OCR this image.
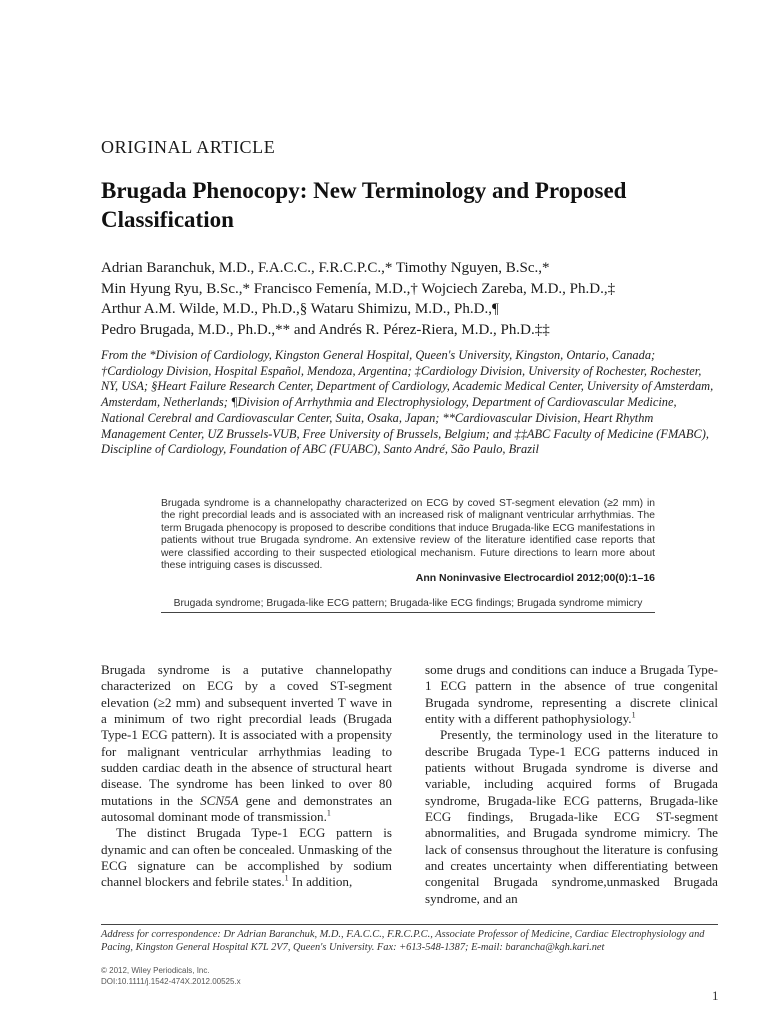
ORIGINAL ARTICLE
Brugada Phenocopy: New Terminology and Proposed Classification
Adrian Baranchuk, M.D., F.A.C.C., F.R.C.P.C.,* Timothy Nguyen, B.Sc.,*
Min Hyung Ryu, B.Sc.,* Francisco Femenía, M.D.,† Wojciech Zareba, M.D., Ph.D.,‡
Arthur A.M. Wilde, M.D., Ph.D.,§ Wataru Shimizu, M.D., Ph.D.,¶
Pedro Brugada, M.D., Ph.D.,** and Andrés R. Pérez-Riera, M.D., Ph.D.‡‡
From the *Division of Cardiology, Kingston General Hospital, Queen's University, Kingston, Ontario, Canada; †Cardiology Division, Hospital Español, Mendoza, Argentina; ‡Cardiology Division, University of Rochester, Rochester, NY, USA; §Heart Failure Research Center, Department of Cardiology, Academic Medical Center, University of Amsterdam, Amsterdam, Netherlands; ¶Division of Arrhythmia and Electrophysiology, Department of Cardiovascular Medicine, National Cerebral and Cardiovascular Center, Suita, Osaka, Japan; **Cardiovascular Division, Heart Rhythm Management Center, UZ Brussels-VUB, Free University of Brussels, Belgium; and ‡‡ABC Faculty of Medicine (FMABC), Discipline of Cardiology, Foundation of ABC (FUABC), Santo André, São Paulo, Brazil
Brugada syndrome is a channelopathy characterized on ECG by coved ST-segment elevation (≥2 mm) in the right precordial leads and is associated with an increased risk of malignant ventricular arrhythmias. The term Brugada phenocopy is proposed to describe conditions that induce Brugada-like ECG manifestations in patients without true Brugada syndrome. An extensive review of the literature identified case reports that were classified according to their suspected etiological mechanism. Future directions to learn more about these intriguing cases is discussed.
Ann Noninvasive Electrocardiol 2012;00(0):1–16
Brugada syndrome; Brugada-like ECG pattern; Brugada-like ECG findings; Brugada syndrome mimicry

Brugada syndrome is a putative channelopathy characterized on ECG by a coved ST-segment elevation (≥2 mm) and subsequent inverted T wave in a minimum of two right precordial leads (Brugada Type-1 ECG pattern). It is associated with a propensity for malignant ventricular arrhythmias leading to sudden cardiac death in the absence of structural heart disease. The syndrome has been linked to over 80 mutations in the SCN5A gene and demonstrates an autosomal dominant mode of transmission.$^1$

The distinct Brugada Type-1 ECG pattern is dynamic and can often be concealed. Unmasking of the ECG signature can be accomplished by sodium channel blockers and febrile states.$^1$ In addition,

some drugs and conditions can induce a Brugada Type-1 ECG pattern in the absence of true congenital Brugada syndrome, representing a discrete clinical entity with a different pathophysiology.$^1$

Presently, the terminology used in the literature to describe Brugada Type-1 ECG patterns induced in patients without Brugada syndrome is diverse and variable, including acquired forms of Brugada syndrome, Brugada-like ECG patterns, Brugada-like ECG findings, Brugada-like ECG ST-segment abnormalities, and Brugada syndrome mimicry. The lack of consensus throughout the literature is confusing and creates uncertainty when differentiating between congenital Brugada syndrome,unmasked Brugada syndrome, and an

Address for correspondence: Dr Adrian Baranchuk, M.D., F.A.C.C., F.R.C.P.C., Associate Professor of Medicine, Cardiac Electrophysiology and Pacing, Kingston General Hospital K7L 2V7, Queen's University. Fax: +613-548-1387; E-mail: barancha@kgh.kari.net
© 2012, Wiley Periodicals, Inc.
DOI:10.1111/j.1542-474X.2012.00525.x
1
